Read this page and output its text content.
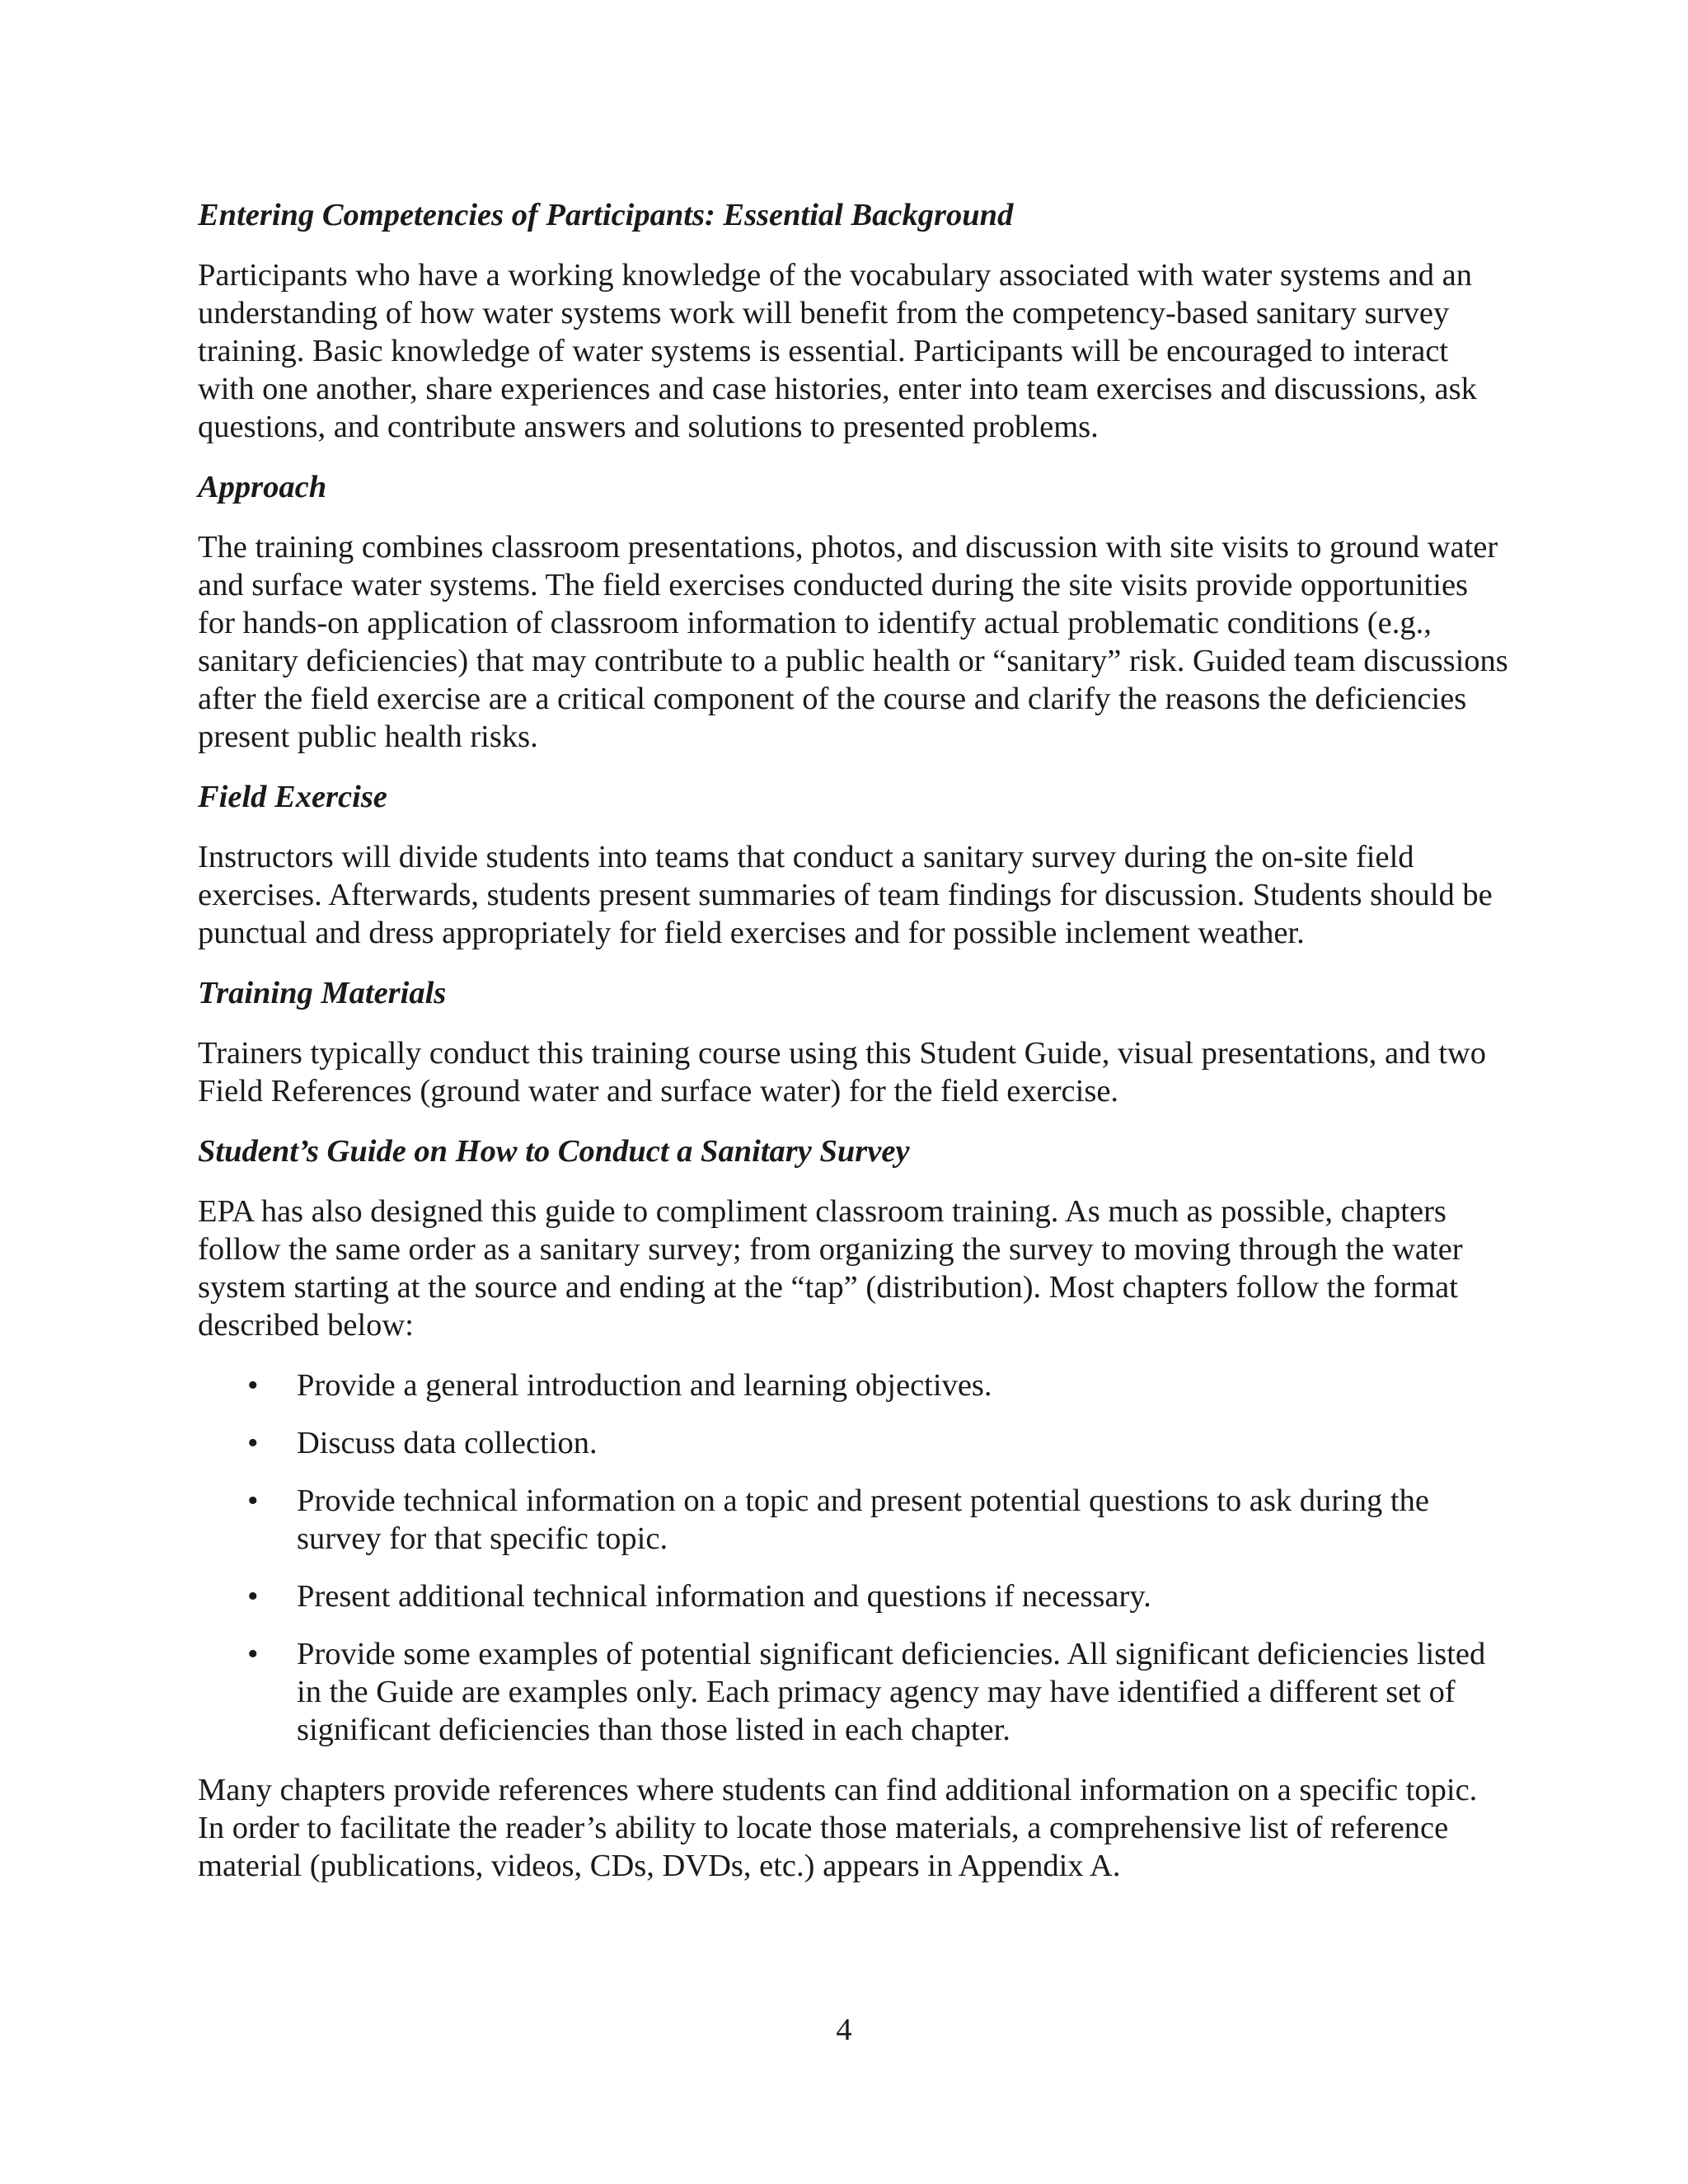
Entering Competencies of Participants: Essential Background

Participants who have a working knowledge of the vocabulary associated with water systems and an understanding of how water systems work will benefit from the competency-based sanitary survey training. Basic knowledge of water systems is essential. Participants will be encouraged to interact with one another, share experiences and case histories, enter into team exercises and discussions, ask questions, and contribute answers and solutions to presented problems.

Approach

The training combines classroom presentations, photos, and discussion with site visits to ground water and surface water systems. The field exercises conducted during the site visits provide opportunities for hands-on application of classroom information to identify actual problematic conditions (e.g., sanitary deficiencies) that may contribute to a public health or “sanitary” risk. Guided team discussions after the field exercise are a critical component of the course and clarify the reasons the deficiencies present public health risks.

Field Exercise

Instructors will divide students into teams that conduct a sanitary survey during the on-site field exercises. Afterwards, students present summaries of team findings for discussion. Students should be punctual and dress appropriately for field exercises and for possible inclement weather.

Training Materials

Trainers typically conduct this training course using this Student Guide, visual presentations, and two Field References (ground water and surface water) for the field exercise.

Student’s Guide on How to Conduct a Sanitary Survey

EPA has also designed this guide to compliment classroom training. As much as possible, chapters follow the same order as a sanitary survey; from organizing the survey to moving through the water system starting at the source and ending at the “tap” (distribution). Most chapters follow the format described below:

• Provide a general introduction and learning objectives.
• Discuss data collection.
• Provide technical information on a topic and present potential questions to ask during the survey for that specific topic.
• Present additional technical information and questions if necessary.
• Provide some examples of potential significant deficiencies. All significant deficiencies listed in the Guide are examples only. Each primacy agency may have identified a different set of significant deficiencies than those listed in each chapter.

Many chapters provide references where students can find additional information on a specific topic. In order to facilitate the reader’s ability to locate those materials, a comprehensive list of reference material (publications, videos, CDs, DVDs, etc.) appears in Appendix A.

4
